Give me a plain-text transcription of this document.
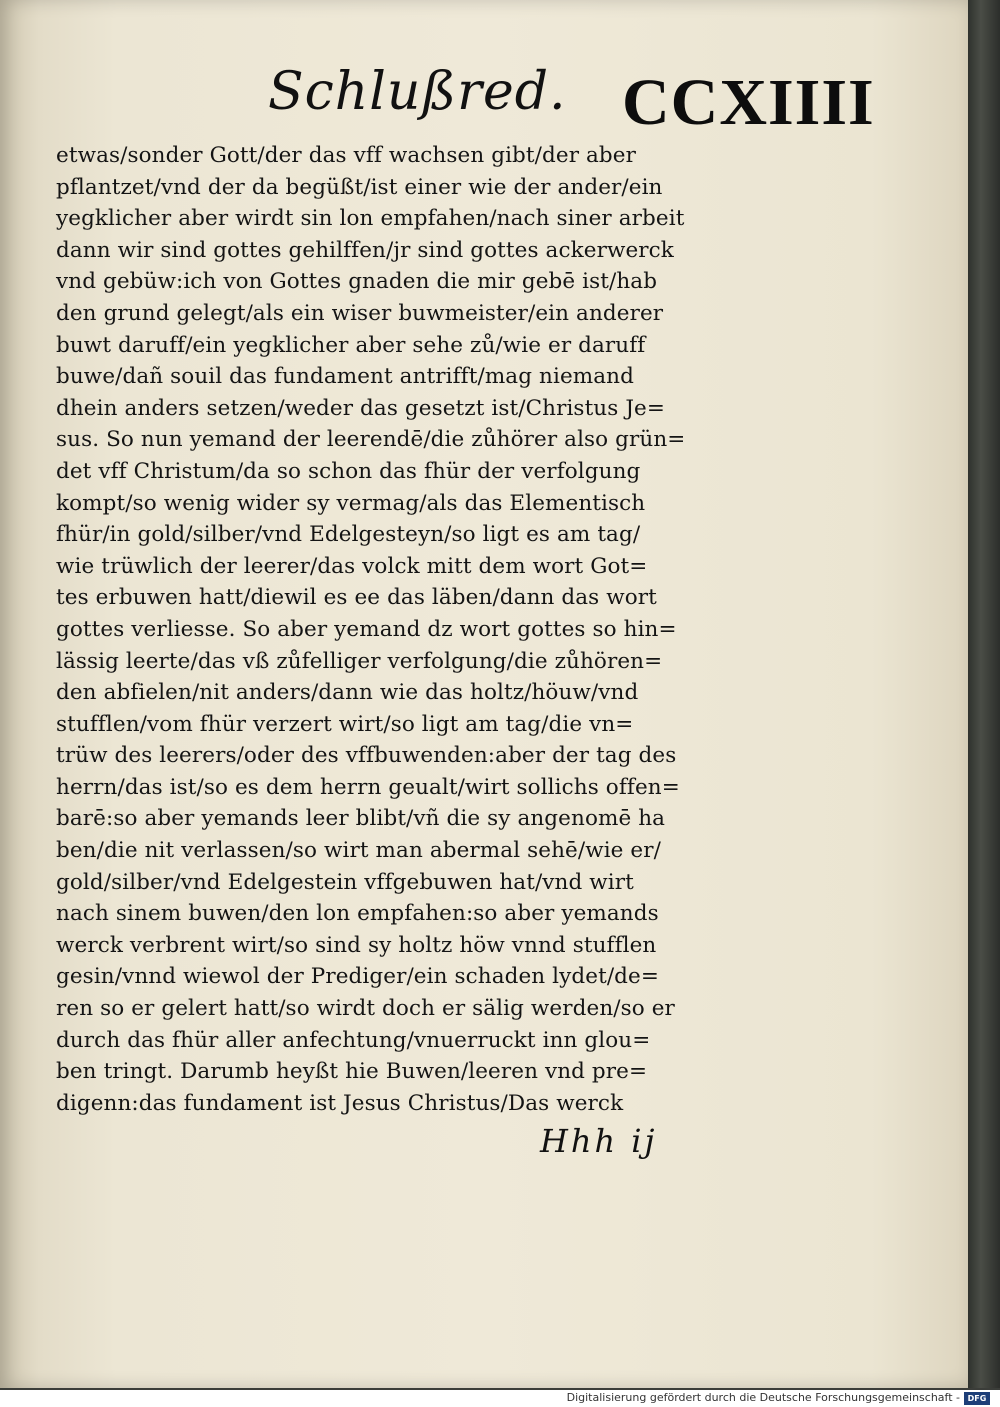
Schlußred. CCXIIII
etwas/sonder Gott/der das vff wachsen gibt/der aber
pflantzet/vnd der da begüßt/ist einer wie der ander/ein
yegklicher aber wirdt sin lon empfahen/nach siner arbeit
dann wir sind gottes gehilffen/jr sind gottes ackerwerck
vnd gebüw:ich von Gottes gnaden die mir gebē ist/hab
den grund gelegt/als ein wiser buwmeister/ein anderer
buwt daruff/ein yegklicher aber sehe zů/wie er daruff
buwe/dañ souil das fundament antrifft/mag niemand
dhein anders setzen/weder das gesetzt ist/Christus Je=
sus. So nun yemand der leerendē/die zůhörer also grün=
det vff Christum/da so schon das fhür der verfolgung
kompt/so wenig wider sy vermag/als das Elementisch
fhür/in gold/silber/vnd Edelgesteyn/so ligt es am tag/
wie trüwlich der leerer/das volck mitt dem wort Got=
tes erbuwen hatt/diewil es ee das läben/dann das wort
gottes verliesse. So aber yemand dz wort gottes so hin=
lässig leerte/das vß zůfelliger verfolgung/die zůhören=
den abfielen/nit anders/dann wie das holtz/höuw/vnd
stufflen/vom fhür verzert wirt/so ligt am tag/die vn=
trüw des leerers/oder des vffbuwenden:aber der tag des
herrn/das ist/so es dem herrn geualt/wirt sollichs offen=
barē:so aber yemands leer blibt/vñ die sy angenomē ha
ben/die nit verlassen/so wirt man abermal sehē/wie er/
gold/silber/vnd Edelgestein vffgebuwen hat/vnd wirt
nach sinem buwen/den lon empfahen:so aber yemands
werck verbrent wirt/so sind sy holtz höw vnnd stufflen
gesin/vnnd wiewol der Prediger/ein schaden lydet/de=
ren so er gelert hatt/so wirdt doch er sälig werden/so er
durch das fhür aller anfechtung/vnuerruckt inn glou=
ben tringt. Darumb heyßt hie Buwen/leeren vnd pre=
digenn:das fundament ist Jesus Christus/Das werck
Hhh ij
Digitalisierung gefördert durch die Deutsche Forschungsgemeinschaft - DFG
